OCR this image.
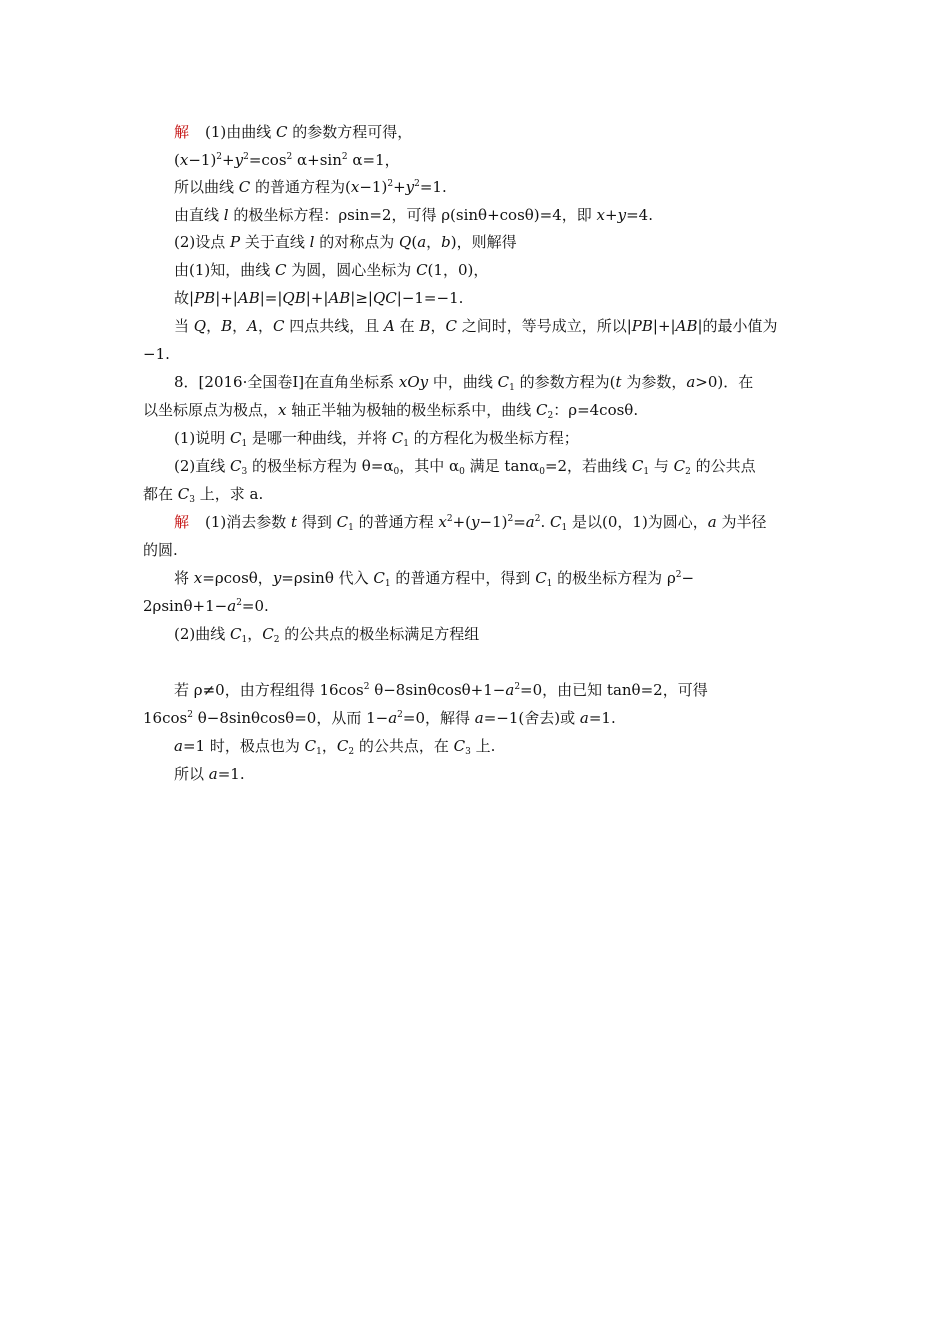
解 (1)由曲线 C 的参数方程可得，
$(x-1)^2+y^2=\cos^2$ $\alpha+\sin^2$ α=1，
所以曲线 C 的普通方程为$(x-1)^2+y^2=1$.
由直线 l 的极坐标方程：ρsin=2，可得 ρ(sinθ+cosθ)=4，即 x+y=4.
(2)设点 P 关于直线 l 的对称点为 Q(a，b)，则解得
由(1)知，曲线 C 为圆，圆心坐标为 C(1，0)，
故|PB|+|AB|=|QB|+|AB|≥|QC|−1=−1.
当 Q，B，A，C 四点共线，且 A 在 B，C 之间时，等号成立，所以|PB|+|AB|的最小值为
−1.
8．[2016·全国卷Ⅰ]在直角坐标系 xOy 中，曲线 $C_1$ 的参数方程为(t 为参数，a>0)．在
以坐标原点为极点，x 轴正半轴为极轴的极坐标系中，曲线 $C_2$：ρ=4cosθ.
(1)说明 $C_1$ 是哪一种曲线，并将 $C_1$ 的方程化为极坐标方程；
(2)直线 $C_3$ 的极坐标方程为 $\theta=\alpha_0$，其中 $\alpha_0$ 满足 tanα$_0$=2，若曲线 $C_1$ 与 $C_2$ 的公共点
都在 $C_3$ 上，求 a.
解 (1)消去参数 t 得到 $C_1$ 的普通方程 $x^2+(y-1)^2=a^2$. $C_1$ 是以(0，1)为圆心，a 为半径
的圆.
将 x=ρcosθ，y=ρsinθ 代入 $C_1$ 的普通方程中，得到 $C_1$ 的极坐标方程为 $\rho^2-$
$2\rho\sin\theta+1-a^2=0$.
(2)曲线 $C_1$，$C_2$ 的公共点的极坐标满足方程组
若 ρ≠0，由方程组得 $16\cos^2$ $\theta-8\sin\theta\cos\theta+1-a^2=0$，由已知 tanθ=2，可得
$16\cos^2$ θ−8sinθcosθ=0，从而 $1-a^2=0$，解得 a=−1(舍去)或 a=1.
a=1 时，极点也为 $C_1$，$C_2$ 的公共点，在 $C_3$ 上.
所以 a=1.
